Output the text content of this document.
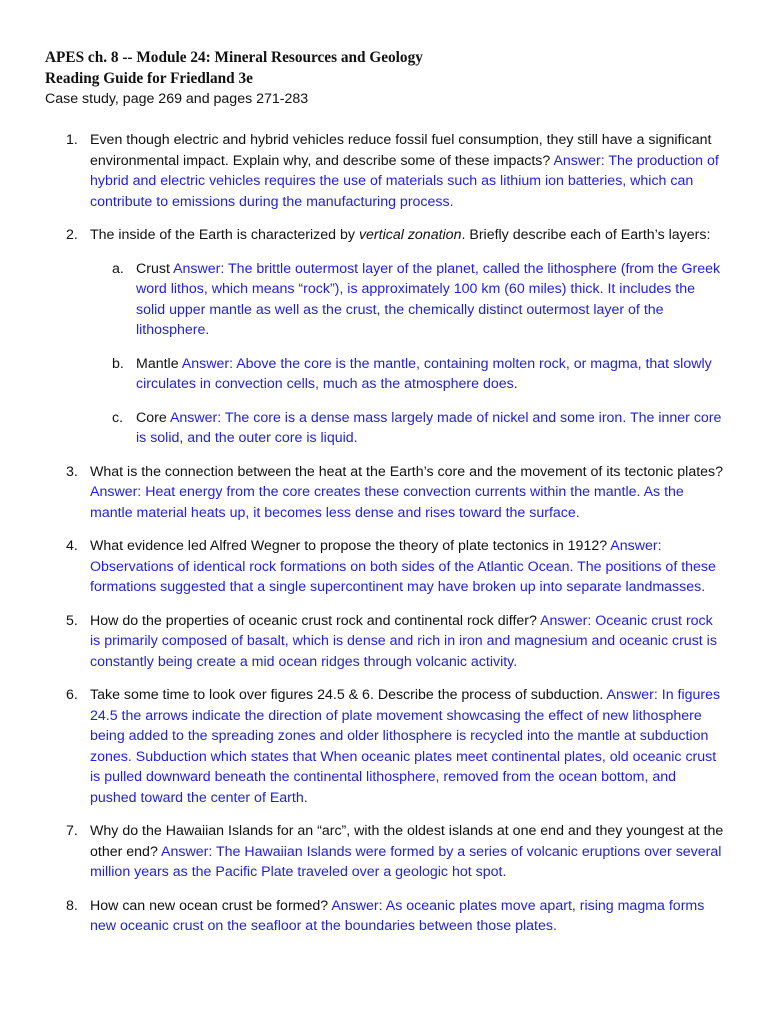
APES ch. 8 -- Module 24: Mineral Resources and Geology
Reading Guide for Friedland 3e
Case study, page 269 and pages 271-283
1. Even though electric and hybrid vehicles reduce fossil fuel consumption, they still have a significant environmental impact. Explain why, and describe some of these impacts? Answer: The production of hybrid and electric vehicles requires the use of materials such as lithium ion batteries, which can contribute to emissions during the manufacturing process.
2. The inside of the Earth is characterized by vertical zonation. Briefly describe each of Earth’s layers:
a. Crust Answer: The brittle outermost layer of the planet, called the lithosphere (from the Greek word lithos, which means “rock”), is approximately 100 km (60 miles) thick. It includes the solid upper mantle as well as the crust, the chemically distinct outermost layer of the lithosphere.
b. Mantle Answer: Above the core is the mantle, containing molten rock, or magma, that slowly circulates in convection cells, much as the atmosphere does.
c. Core Answer: The core is a dense mass largely made of nickel and some iron. The inner core is solid, and the outer core is liquid.
3. What is the connection between the heat at the Earth’s core and the movement of its tectonic plates? Answer: Heat energy from the core creates these convection currents within the mantle. As the mantle material heats up, it becomes less dense and rises toward the surface.
4. What evidence led Alfred Wegner to propose the theory of plate tectonics in 1912? Answer: Observations of identical rock formations on both sides of the Atlantic Ocean. The positions of these formations suggested that a single supercontinent may have broken up into separate landmasses.
5. How do the properties of oceanic crust rock and continental rock differ? Answer: Oceanic crust rock is primarily composed of basalt, which is dense and rich in iron and magnesium and oceanic crust is constantly being create a mid ocean ridges through volcanic activity.
6. Take some time to look over figures 24.5 & 6. Describe the process of subduction. Answer: In figures 24.5 the arrows indicate the direction of plate movement showcasing the effect of new lithosphere being added to the spreading zones and older lithosphere is recycled into the mantle at subduction zones. Subduction which states that When oceanic plates meet continental plates, old oceanic crust is pulled downward beneath the continental lithosphere, removed from the ocean bottom, and pushed toward the center of Earth.
7. Why do the Hawaiian Islands for an “arc”, with the oldest islands at one end and they youngest at the other end? Answer: The Hawaiian Islands were formed by a series of volcanic eruptions over several million years as the Pacific Plate traveled over a geologic hot spot.
8. How can new ocean crust be formed? Answer: As oceanic plates move apart, rising magma forms new oceanic crust on the seafloor at the boundaries between those plates.
